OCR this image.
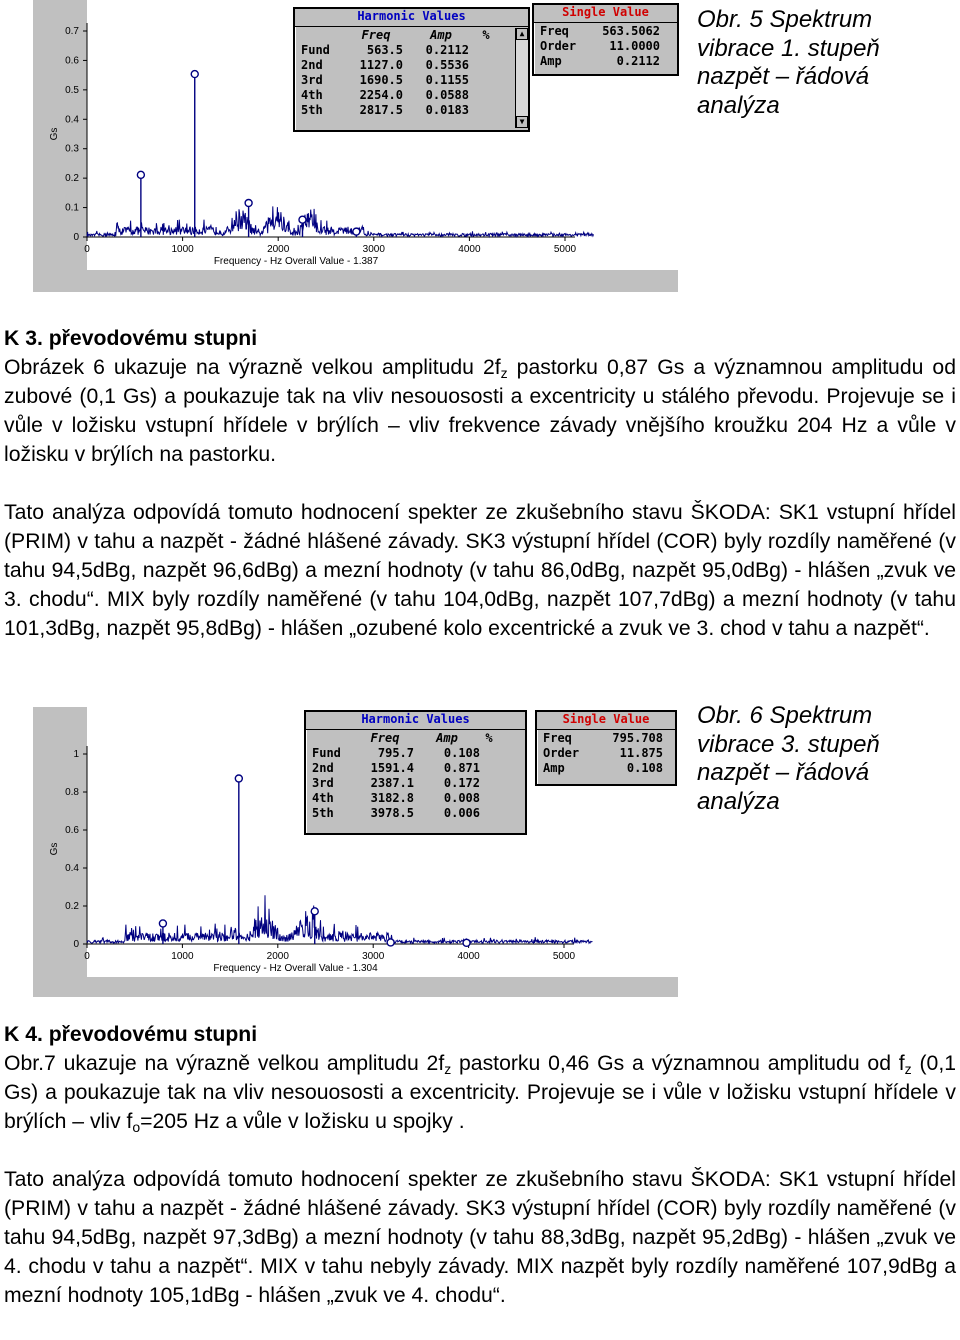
0
0.1
0.2
0.3
0.4
0.5
0.6
0.7
0	1000	2000	3000	4000	5000
Frequency - Hz Overall Value - 1.387
Gs
Harmonic Values
Freq	Amp	%
Fund	563.5	0.2112
2nd	1127.0	0.5536
3rd	1690.5	0.1155
4th	2254.0	0.0588
5th	2817.5	0.0183
▲
▼
Single Value
Freq	563.5062
Order	11.0000
Amp	0.2112
Obr. 5 Spektrum
vibrace 1. stupeň
nazpět – řádová
analýza

K 3. převodovému stupni

Obrázek 6 ukazuje na výrazně velkou amplitudu $2f_z$ pastorku 0,87 Gs a významnou amplitudu od zubové (0,1 Gs) a poukazuje tak na vliv nesouososti a excentricity u stálého převodu. Projevuje se i vůle v ložisku vstupní hřídele v brýlích – vliv frekvence závady vnějšího kroužku 204 Hz a vůle v ložisku v brýlích na pastorku.

Tato analýza odpovídá tomuto hodnocení spekter ze zkušebního stavu ŠKODA: SK1 vstupní hřídel (PRIM) v tahu a nazpět - žádné hlášené závady. SK3 výstupní hřídel (COR) byly rozdíly naměřené (v tahu 94,5dBg, nazpět 96,6dBg) a mezní hodnoty (v tahu 86,0dBg, nazpět 95,0dBg) - hlášen „zvuk ve 3. chodu“. MIX byly rozdíly naměřené (v tahu 104,0dBg, nazpět 107,7dBg) a mezní hodnoty (v tahu 101,3dBg, nazpět 95,8dBg) - hlášen „ozubené kolo excentrické a zvuk ve 3. chod v tahu a nazpět“.

0
0.2
0.4
0.6
0.8
1
0	1000	2000	3000	4000	5000
Frequency - Hz Overall Value - 1.304
Gs
Harmonic Values
Freq	Amp	%
Fund	795.7	0.108
2nd	1591.4	0.871
3rd	2387.1	0.172
4th	3182.8	0.008
5th	3978.5	0.006
Single Value
Freq	795.708
Order	11.875
Amp	0.108
Obr. 6 Spektrum
vibrace 3. stupeň
nazpět – řádová
analýza

K 4. převodovému stupni

Obr.7 ukazuje na výrazně velkou amplitudu $2f_z$ pastorku 0,46 Gs a významnou amplitudu od $f_z$ (0,1 Gs) a poukazuje tak na vliv nesouososti a excentricity. Projevuje se i vůle v ložisku vstupní hřídele v brýlích – vliv $f_o=205$ Hz a vůle v ložisku u spojky .

Tato analýza odpovídá tomuto hodnocení spekter ze zkušebního stavu ŠKODA: SK1 vstupní hřídel (PRIM) v tahu a nazpět - žádné hlášené závady. SK3 výstupní hřídel (COR) byly rozdíly naměřené (v tahu 94,5dBg, nazpět 97,3dBg) a mezní hodnoty (v tahu 88,3dBg, nazpět 95,2dBg) - hlášen „zvuk ve 4. chodu v tahu a nazpět“. MIX v tahu nebyly závady. MIX nazpět byly rozdíly naměřené 107,9dBg a mezní hodnoty 105,1dBg - hlášen „zvuk ve 4. chodu“.
